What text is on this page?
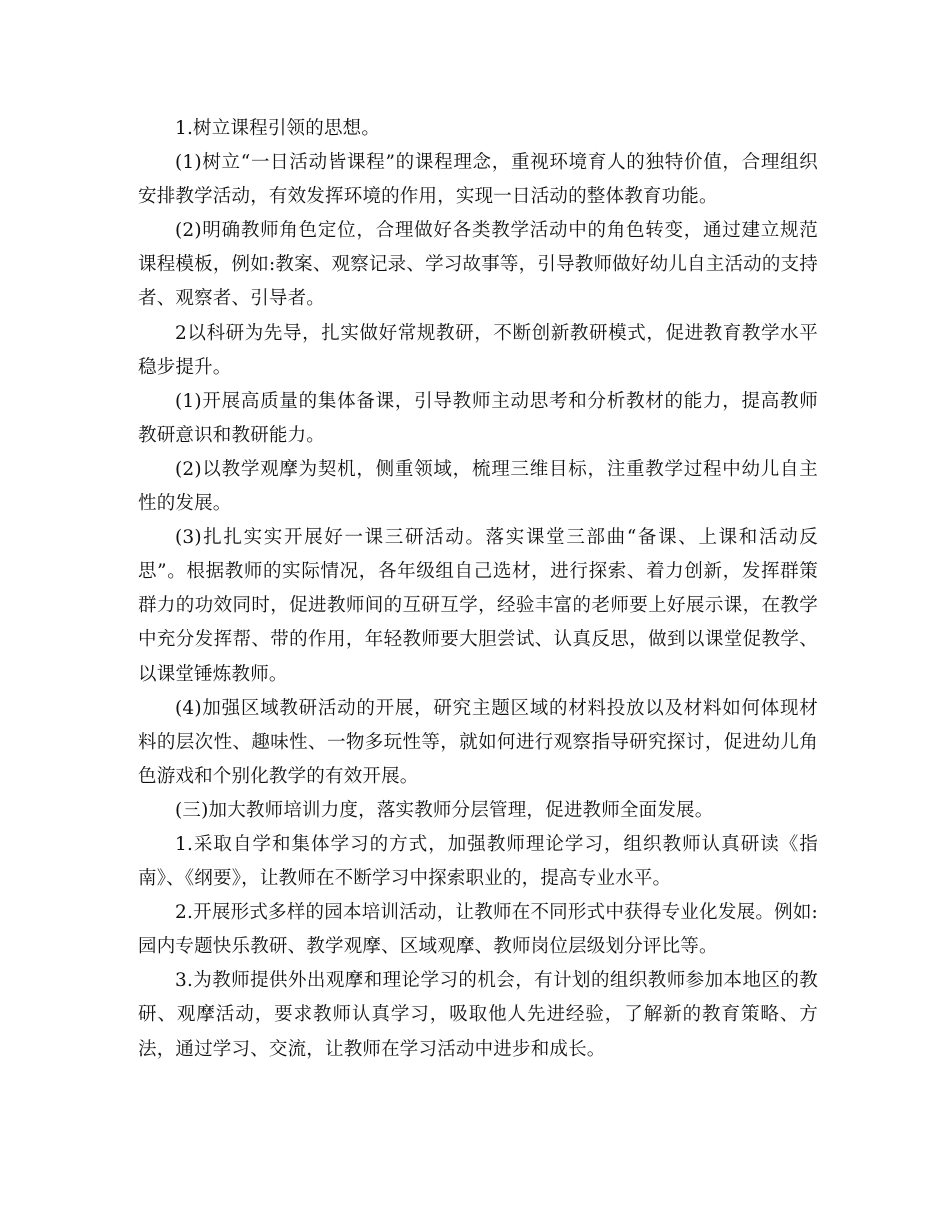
1.树立课程引领的思想。

(1)树立“一日活动皆课程”的课程理念，重视环境育人的独特价值，合理组织安排教学活动，有效发挥环境的作用，实现一日活动的整体教育功能。

(2)明确教师角色定位，合理做好各类教学活动中的角色转变，通过建立规范课程模板，例如:教案、观察记录、学习故事等，引导教师做好幼儿自主活动的支持者、观察者、引导者。

2以科研为先导，扎实做好常规教研，不断创新教研模式，促进教育教学水平稳步提升。

(1)开展高质量的集体备课，引导教师主动思考和分析教材的能力，提高教师教研意识和教研能力。

(2)以教学观摩为契机，侧重领域，梳理三维目标，注重教学过程中幼儿自主性的发展。

(3)扎扎实实开展好一课三研活动。落实课堂三部曲“备课、上课和活动反思”。根据教师的实际情况，各年级组自己选材，进行探索、着力创新，发挥群策群力的功效同时，促进教师间的互研互学，经验丰富的老师要上好展示课，在教学中充分发挥帮、带的作用，年轻教师要大胆尝试、认真反思，做到以课堂促教学、以课堂锤炼教师。

(4)加强区域教研活动的开展，研究主题区域的材料投放以及材料如何体现材料的层次性、趣味性、一物多玩性等，就如何进行观察指导研究探讨，促进幼儿角色游戏和个别化教学的有效开展。

(三)加大教师培训力度，落实教师分层管理，促进教师全面发展。

1.采取自学和集体学习的方式，加强教师理论学习，组织教师认真研读《指南》、《纲要》，让教师在不断学习中探索职业的，提高专业水平。

2.开展形式多样的园本培训活动，让教师在不同形式中获得专业化发展。例如:园内专题快乐教研、教学观摩、区域观摩、教师岗位层级划分评比等。

3.为教师提供外出观摩和理论学习的机会，有计划的组织教师参加本地区的教研、观摩活动，要求教师认真学习，吸取他人先进经验，了解新的教育策略、方法，通过学习、交流，让教师在学习活动中进步和成长。
